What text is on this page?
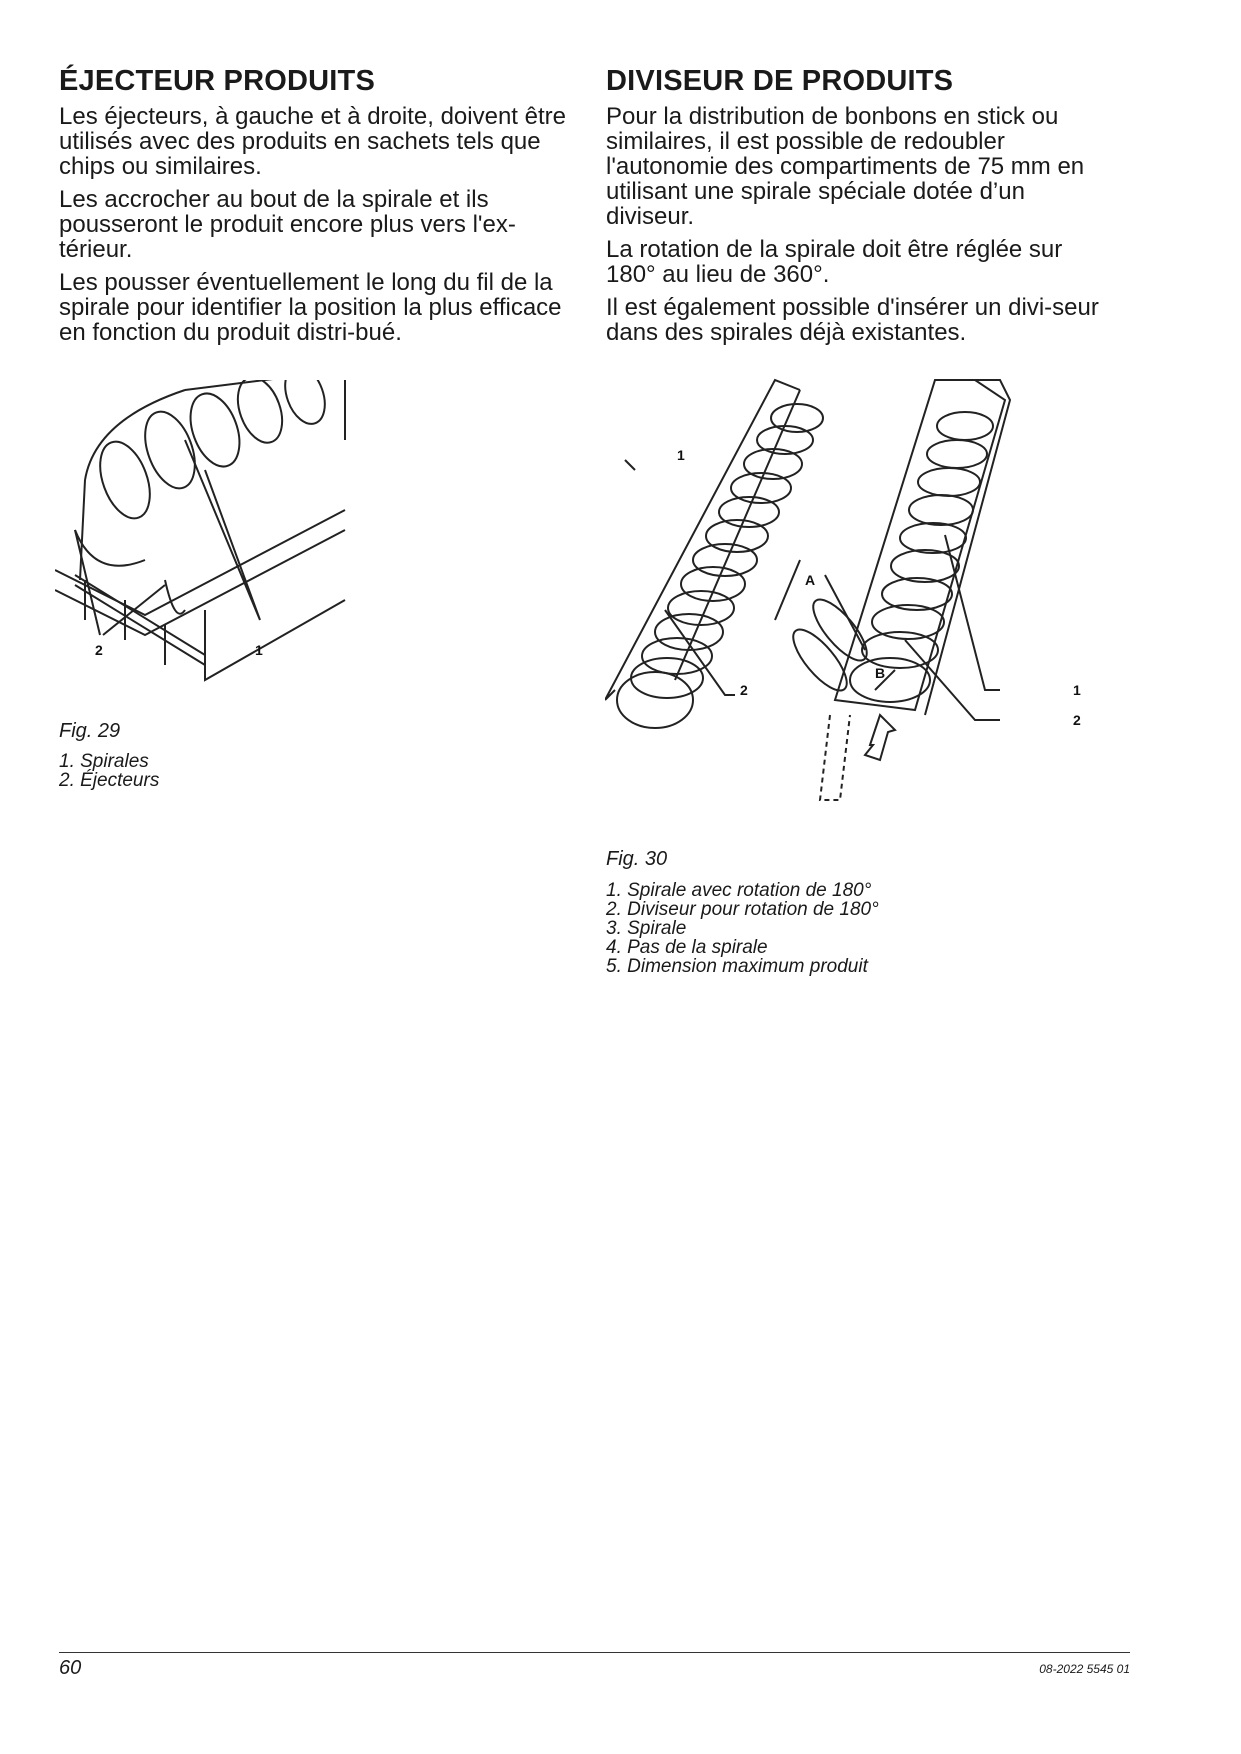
ÉJECTEUR PRODUITS

Les éjecteurs, à gauche et à droite, doivent être utilisés avec des produits en sachets tels que chips ou similaires.

Les accrocher au bout de la spirale et ils pousseront le produit encore plus vers l'ex-térieur.

Les pousser éventuellement le long du fil de la spirale pour identifier la position la plus efficace en fonction du produit distri-bué.

2	1
Fig. 29
1. Spirales
2. Éjecteurs
DIVISEUR DE PRODUITS

Pour la distribution de bonbons en stick ou similaires, il est possible de redoubler l'autonomie des compartiments de 75 mm en utilisant une spirale spéciale dotée d’un diviseur.

La rotation de la spirale doit être réglée sur 180° au lieu de 360°.

Il est également possible d'insérer un divi-seur dans des spirales déjà existantes.

1
2
A
B
1
2
Fig. 30
1. Spirale avec rotation de 180°
2. Diviseur pour rotation de 180°
3. Spirale
4. Pas de la spirale
5. Dimension maximum produit
60	08-2022 5545 01
